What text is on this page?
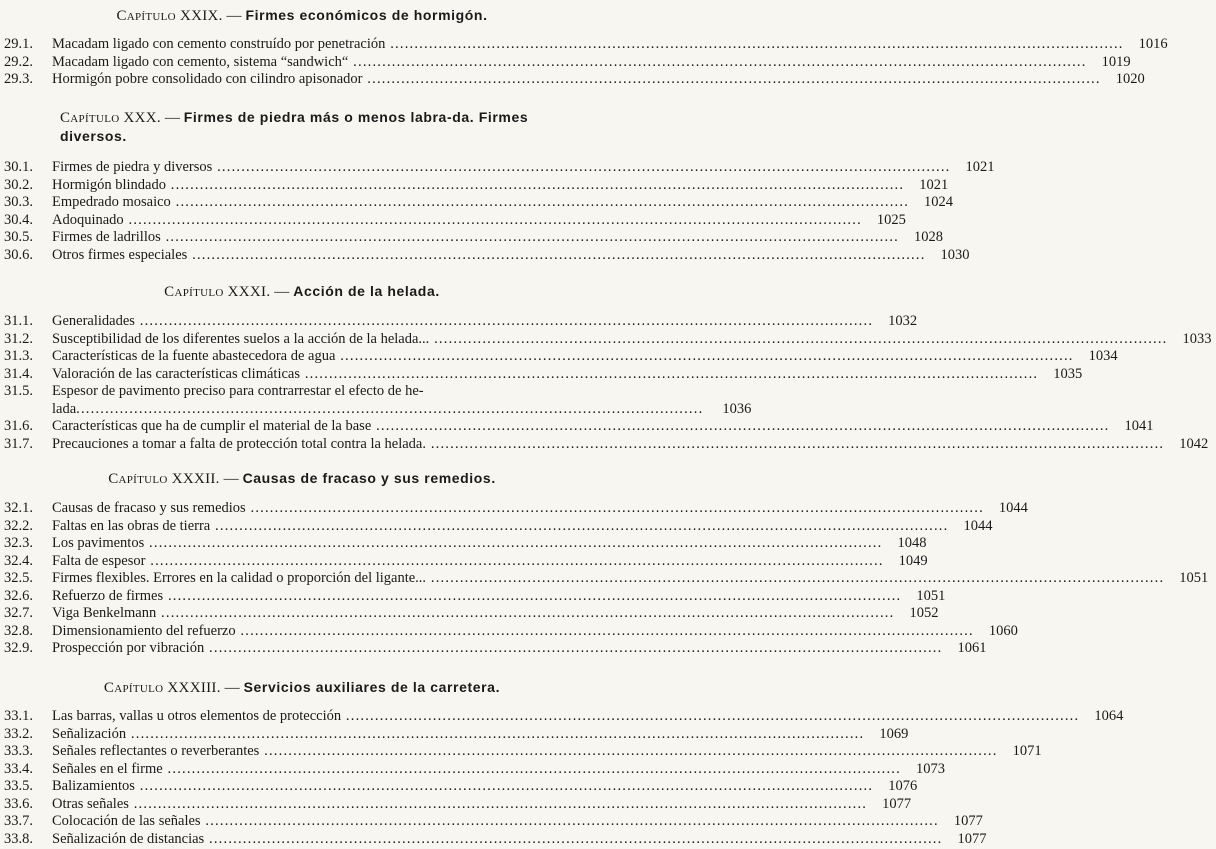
Capítulo XXIX. — Firmes económicos de hormigón.
29.1.	Macadam ligado con cemento construído por penetración .....	1016
29.2.	Macadam ligado con cemento, sistema “sandwich“ .....	1019
29.3.	Hormigón pobre consolidado con cilindro apisonador .....	1020
Capítulo XXX. — Firmes de piedra más o menos labra-da. Firmes diversos.
30.1.	Firmes de piedra y diversos .....	1021
30.2.	Hormigón blindado .....	1021
30.3.	Empedrado mosaico .....	1024
30.4.	Adoquinado .....	1025
30.5.	Firmes de ladrillos .....	1028
30.6.	Otros firmes especiales .....	1030
Capítulo XXXI. — Acción de la helada.
31.1.	Generalidades .....	1032
31.2.	Susceptibilidad de los diferentes suelos a la acción de la helada... .....	1033
31.3.	Características de la fuente abastecedora de agua .....	1034
31.4.	Valoración de las características climáticas .....	1035
31.5.	Espesor de pavimento preciso para contrarrestar el efecto de he-
lada ..................................................................................................................................	1036
31.6.	Características que ha de cumplir el material de la base .....	1041
31.7.	Precauciones a tomar a falta de protección total contra la helada. .....	1042
Capítulo XXXII. — Causas de fracaso y sus remedios.
32.1.	Causas de fracaso y sus remedios .....	1044
32.2.	Faltas en las obras de tierra .....	1044
32.3.	Los pavimentos .....	1048
32.4.	Falta de espesor .....	1049
32.5.	Firmes flexibles. Errores en la calidad o proporción del ligante... .....	1051
32.6.	Refuerzo de firmes .....	1051
32.7.	Viga Benkelmann .....	1052
32.8.	Dimensionamiento del refuerzo .....	1060
32.9.	Prospección por vibración .....	1061
Capítulo XXXIII. — Servicios auxiliares de la carretera.
33.1.	Las barras, vallas u otros elementos de protección .....	1064
33.2.	Señalización .....	1069
33.3.	Señales reflectantes o reverberantes .....	1071
33.4.	Señales en el firme .....	1073
33.5.	Balizamientos .....	1076
33.6.	Otras señales .....	1077
33.7.	Colocación de las señales .....	1077
33.8.	Señalización de distancias .....	1077
